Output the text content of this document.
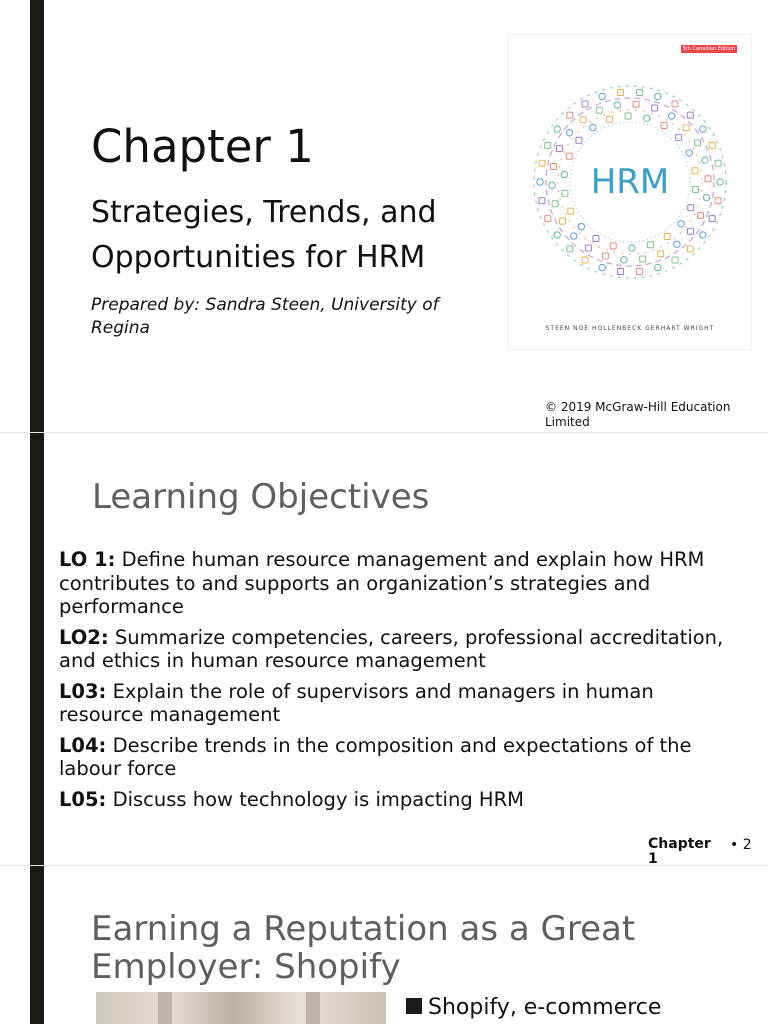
Chapter 1
Strategies, Trends, and Opportunities for HRM
Prepared by: Sandra Steen, University of Regina
5th Canadian Edition
HRM
STEEN NOE HOLLENBECK GERHART WRIGHT
© 2019 McGraw-Hill Education Limited
Learning Objectives
LO 1: Define human resource management and explain how HRM contributes to and supports an organization’s strategies and performance
LO2: Summarize competencies, careers, professional accreditation, and ethics in human resource management
L03: Explain the role of supervisors and managers in human resource management
L04: Describe trends in the composition and expectations of the labour force
L05: Discuss how technology is impacting HRM
Chapter 1
• 2
Earning a Reputation as a Great Employer: Shopify
Shopify, e-commerce
